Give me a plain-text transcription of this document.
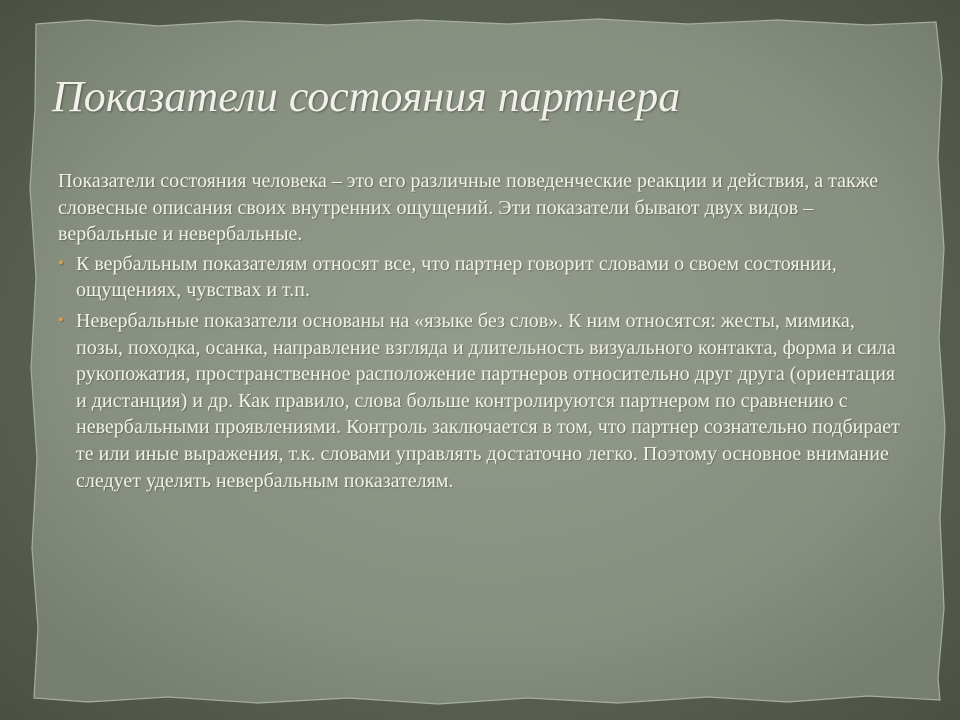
Показатели состояния партнера

Показатели состояния человека – это его различные поведенческие реакции и действия, а также словесные описания своих внутренних ощущений. Эти показатели бывают двух видов – вербальные и невербальные.

• К вербальным показателям относят все, что партнер говорит словами о своем состоянии, ощущениях, чувствах и т.п.
• Невербальные показатели основаны на «языке без слов». К ним относятся: жесты, мимика, позы, походка, осанка, направление взгляда и длительность визуального контакта, форма и сила рукопожатия, пространственное расположение партнеров относительно друг друга (ориентация и дистанция) и др. Как правило, слова больше контролируются партнером по сравнению с невербальными проявлениями. Контроль заключается в том, что партнер сознательно подбирает те или иные выражения, т.к. словами управлять достаточно легко. Поэтому основное внимание следует уделять невербальным показателям.
